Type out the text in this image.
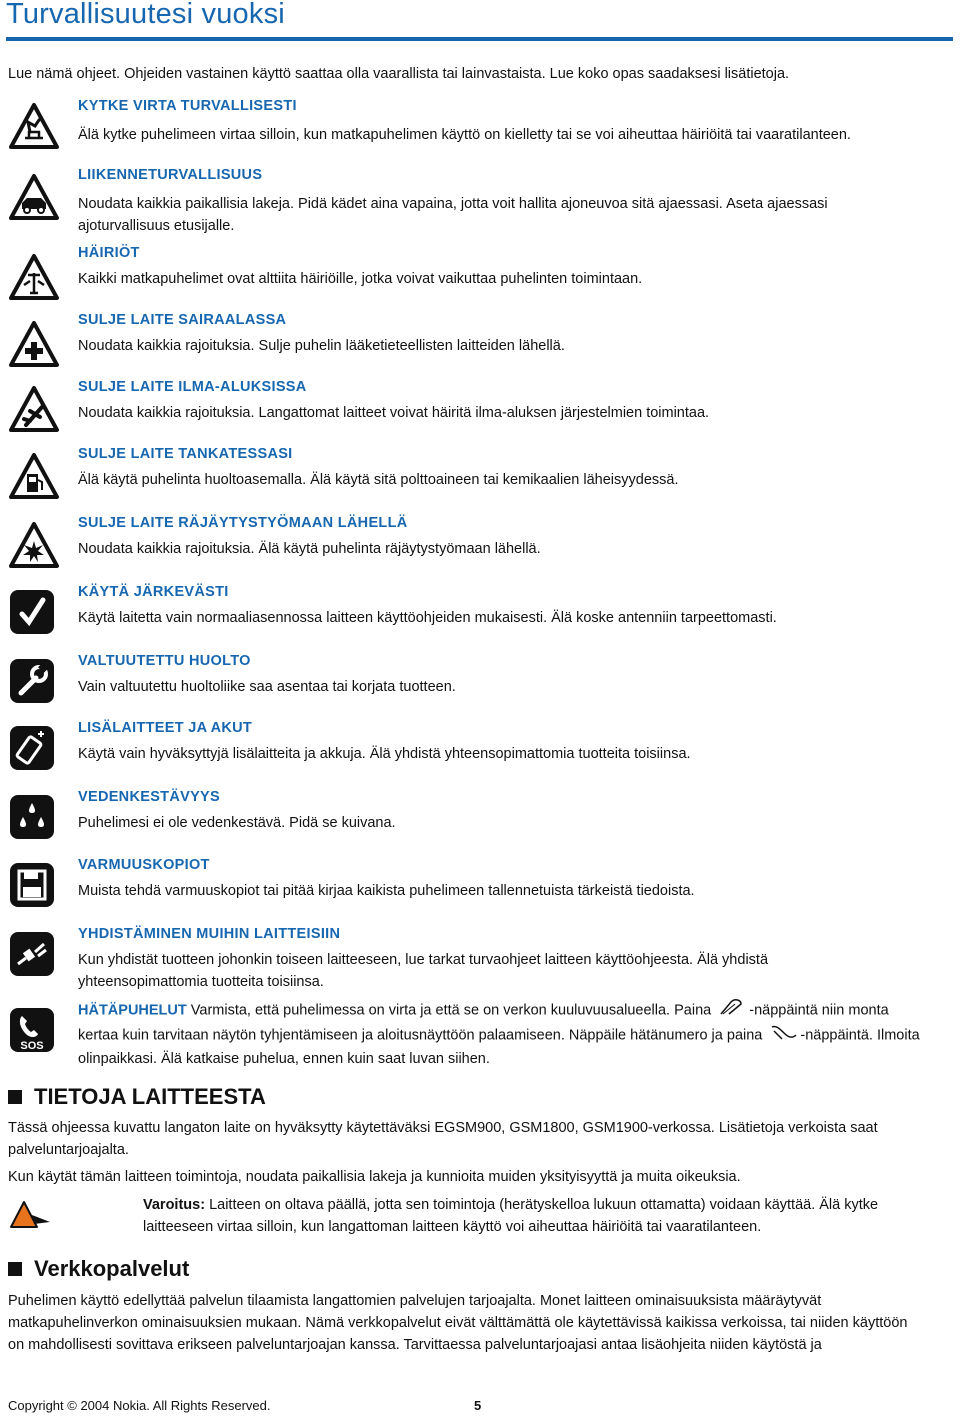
Turvallisuutesi vuoksi

Lue nämä ohjeet. Ohjeiden vastainen käyttö saattaa olla vaarallista tai lainvastaista. Lue koko opas saadaksesi lisätietoja.

KYTKE VIRTA TURVALLISESTI
Älä kytke puhelimeen virtaa silloin, kun matkapuhelimen käyttö on kielletty tai se voi aiheuttaa häiriöitä tai vaaratilanteen.
LIIKENNETURVALLISUUS
Noudata kaikkia paikallisia lakeja. Pidä kädet aina vapaina, jotta voit hallita ajoneuvoa sitä ajaessasi. Aseta ajaessasi ajoturvallisuus etusijalle.
HÄIRIÖT
Kaikki matkapuhelimet ovat alttiita häiriöille, jotka voivat vaikuttaa puhelinten toimintaan.
SULJE LAITE SAIRAALASSA
Noudata kaikkia rajoituksia. Sulje puhelin lääketieteellisten laitteiden lähellä.
SULJE LAITE ILMA-ALUKSISSA
Noudata kaikkia rajoituksia. Langattomat laitteet voivat häiritä ilma-aluksen järjestelmien toimintaa.
SULJE LAITE TANKATESSASI
Älä käytä puhelinta huoltoasemalla. Älä käytä sitä polttoaineen tai kemikaalien läheisyydessä.
SULJE LAITE RÄJÄYTYSTYÖMAAN LÄHELLÄ
Noudata kaikkia rajoituksia. Älä käytä puhelinta räjäytystyömaan lähellä.
KÄYTÄ JÄRKEVÄSTI
Käytä laitetta vain normaaliasennossa laitteen käyttöohjeiden mukaisesti. Älä koske antenniin tarpeettomasti.
VALTUUTETTU HUOLTO
Vain valtuutettu huoltoliike saa asentaa tai korjata tuotteen.
LISÄLAITTEET JA AKUT
Käytä vain hyväksyttyjä lisälaitteita ja akkuja. Älä yhdistä yhteensopimattomia tuotteita toisiinsa.
VEDENKESTÄVYYS
Puhelimesi ei ole vedenkestävä. Pidä se kuivana.
VARMUUSKOPIOT
Muista tehdä varmuuskopiot tai pitää kirjaa kaikista puhelimeen tallennetuista tärkeistä tiedoista.
YHDISTÄMINEN MUIHIN LAITTEISIIN
Kun yhdistät tuotteen johonkin toiseen laitteeseen, lue tarkat turvaohjeet laitteen käyttöohjeesta. Älä yhdistä yhteensopimattomia tuotteita toisiinsa.
SOS
HÄTÄPUHELUT Varmista, että puhelimessa on virta ja että se on verkon kuuluvuusalueella. Paina -näppäintä niin monta kertaa kuin tarvitaan näytön tyhjentämiseen ja aloitusnäyttöön palaamiseen. Näppäile hätänumero ja paina -näppäintä. Ilmoita olinpaikkasi. Älä katkaise puhelua, ennen kuin saat luvan siihen.
TIETOJA LAITTEESTA

Tässä ohjeessa kuvattu langaton laite on hyväksytty käytettäväksi EGSM900, GSM1800, GSM1900-verkossa. Lisätietoja verkoista saat palveluntarjoajalta.

Kun käytät tämän laitteen toimintoja, noudata paikallisia lakeja ja kunnioita muiden yksityisyyttä ja muita oikeuksia.

Varoitus: Laitteen on oltava päällä, jotta sen toimintoja (herätyskelloa lukuun ottamatta) voidaan käyttää. Älä kytke laitteeseen virtaa silloin, kun langattoman laitteen käyttö voi aiheuttaa häiriöitä tai vaaratilanteen.
Verkkopalvelut

Puhelimen käyttö edellyttää palvelun tilaamista langattomien palvelujen tarjoajalta. Monet laitteen ominaisuuksista määräytyvät matkapuhelinverkon ominaisuuksien mukaan. Nämä verkkopalvelut eivät välttämättä ole käytettävissä kaikissa verkoissa, tai niiden käyttöön on mahdollisesti sovittava erikseen palveluntarjoajan kanssa. Tarvittaessa palveluntarjoajasi antaa lisäohjeita niiden käytöstä ja

Copyright © 2004 Nokia. All Rights Reserved.	5
